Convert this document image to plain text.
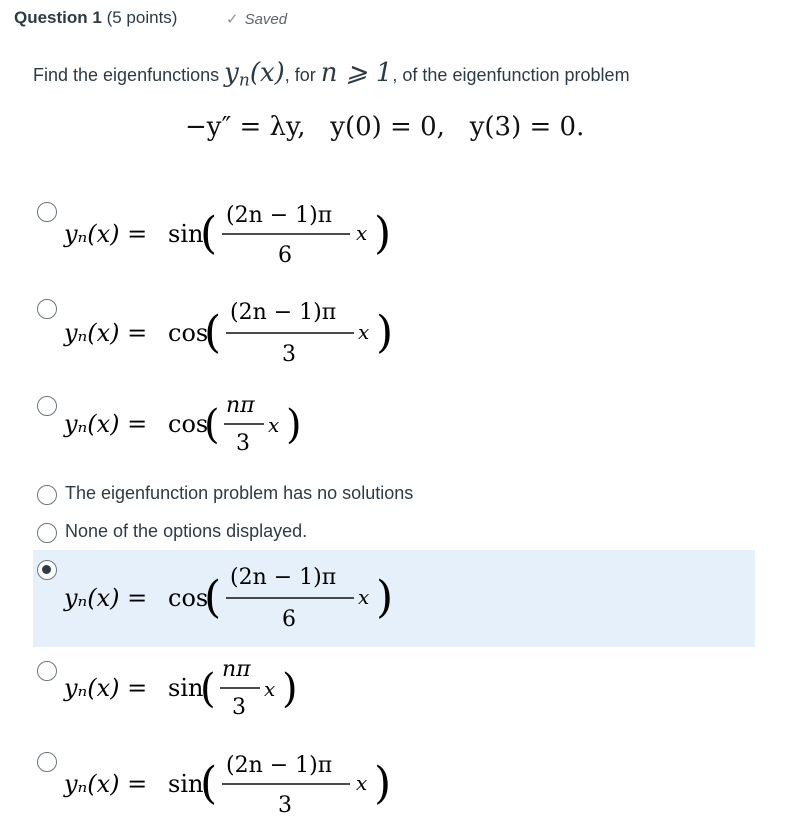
Question 1 (5 points)	✓ Saved
Find the eigenfunctions $y_n(x)$, for n ⩾ 1, of the eigenfunction problem
−y″ = λy,   y(0) = 0,   y(3) = 0.
yₙ(x) = sin
( (2n − 1)π
6
x )
yₙ(x) = cos
( (2n − 1)π
3
x )
yₙ(x) = cos
( nπ
3
x )
The eigenfunction problem has no solutions
None of the options displayed.
yₙ(x) = cos
( (2n − 1)π
6
x )
yₙ(x) = sin
( nπ
3
x )
yₙ(x) = sin
( (2n − 1)π
3
x )
